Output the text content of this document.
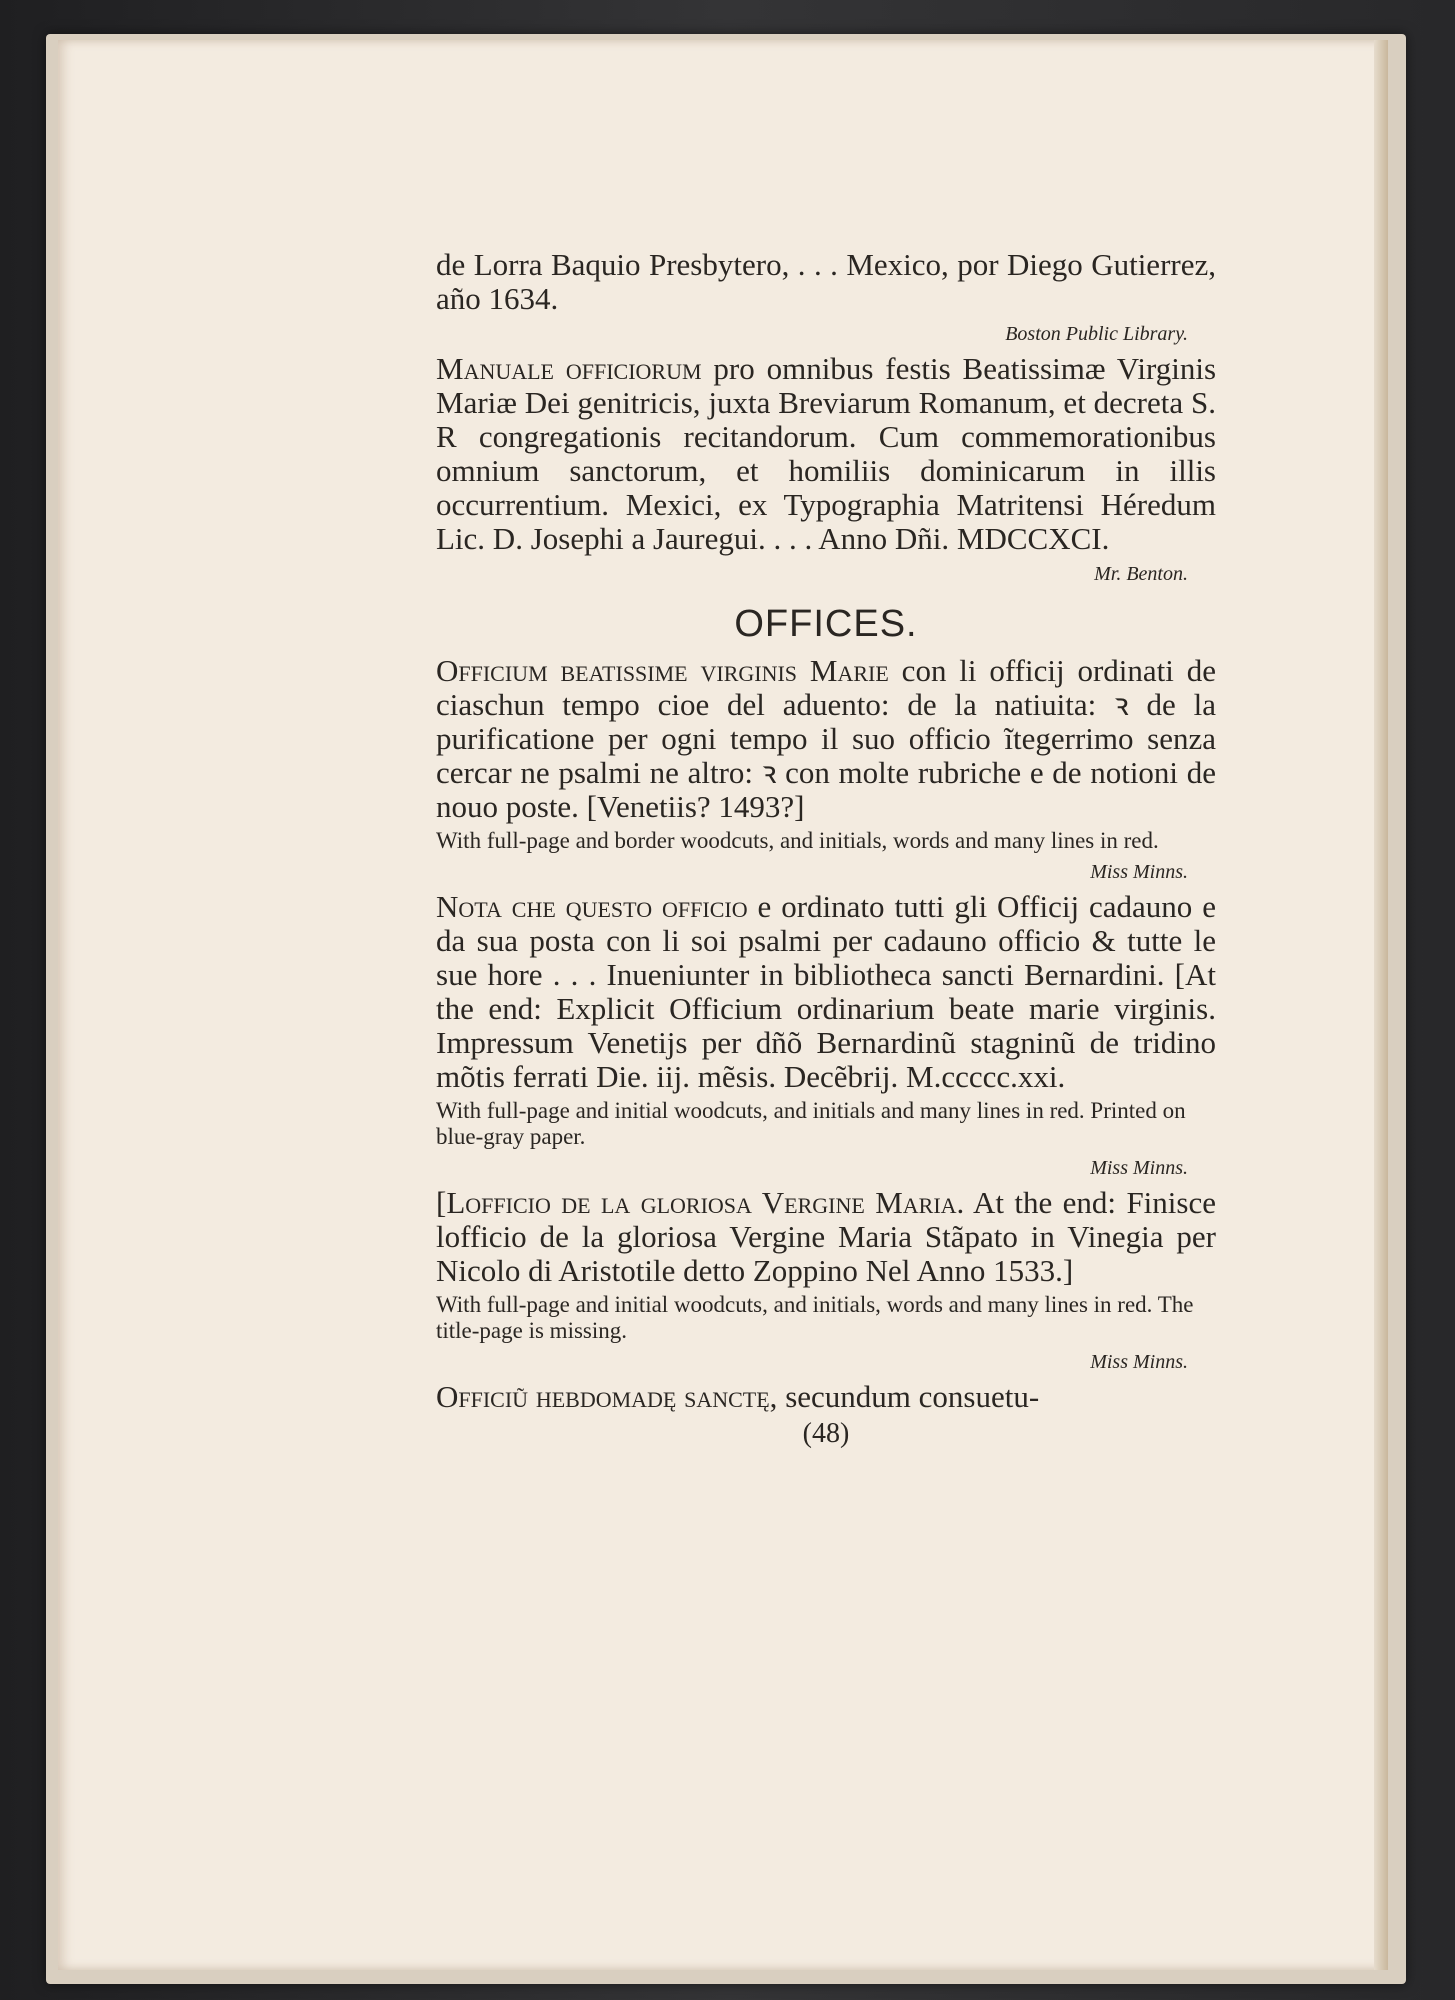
de Lorra Baquio Presbytero, . . . Mexico, por Diego Gutierrez, año 1634.

Boston Public Library.

Manuale officiorum pro omnibus festis Beatissimæ Virginis Mariæ Dei genitricis, juxta Breviarum Romanum, et decreta S. R congregationis recitandorum. Cum commemorationibus omnium sanctorum, et homiliis dominicarum in illis occurrentium. Mexici, ex Typographia Matritensi Héredum Lic. D. Josephi a Jauregui. . . . Anno Dñi. MDCCXCI.

Mr. Benton.

OFFICES.

Officium beatissime virginis Marie con li officij ordinati de ciaschun tempo cioe del aduento: de la natiuita: ꝛ de la purificatione per ogni tempo il suo officio ĩtegerrimo senza cercar ne psalmi ne altro: ꝛ con molte rubriche e de notioni de nouo poste. [Venetiis? 1493?]

With full-page and border woodcuts, and initials, words and many lines in red.

Miss Minns.

Nota che questo officio e ordinato tutti gli Officij cadauno e da sua posta con li soi psalmi per cadauno officio & tutte le sue hore . . . Inueniunter in bibliotheca sancti Bernardini. [At the end: Explicit Officium ordinarium beate marie virginis. Impressum Venetijs per dñõ Bernardinũ stagninũ de tridino mõtis ferrati Die. iij. mẽsis. Decẽbrij. M.ccccc.xxi.

With full-page and initial woodcuts, and initials and many lines in red. Printed on blue-gray paper.

Miss Minns.

[Lofficio de la gloriosa Vergine Maria. At the end: Finisce lofficio de la gloriosa Vergine Maria Stãpato in Vinegia per Nicolo di Aristotile detto Zoppino Nel Anno 1533.]

With full-page and initial woodcuts, and initials, words and many lines in red. The title-page is missing.

Miss Minns.

Officiũ hebdomadę sanctę, secundum consuetu-

(48)
